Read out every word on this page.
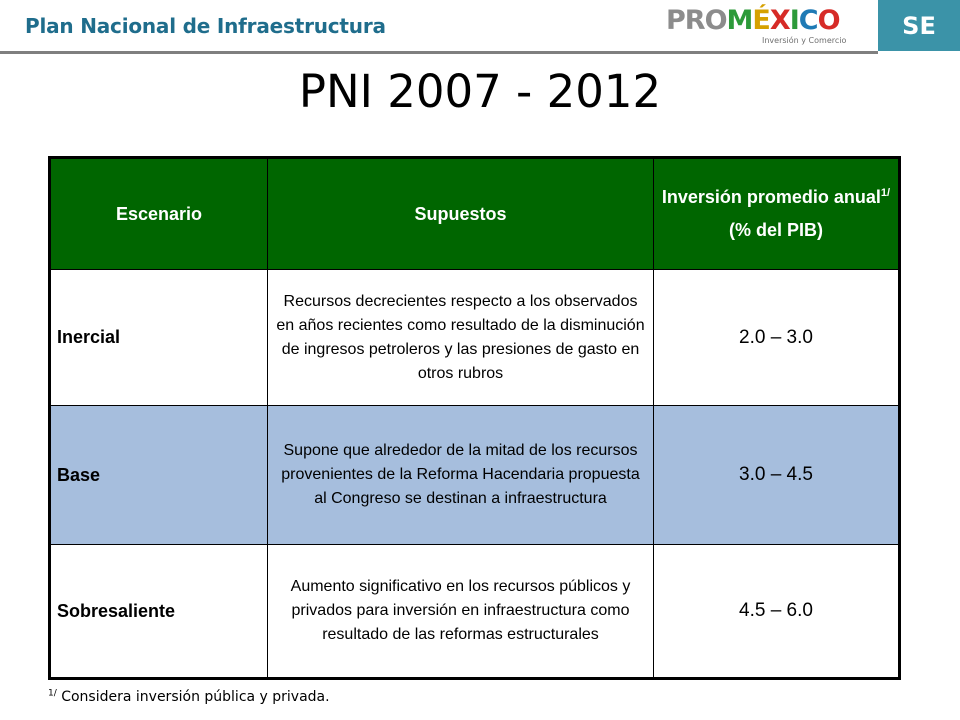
Plan Nacional de Infraestructura	PROMÉXICO
Inversión y Comercio
SE
PNI 2007 - 2012
Escenario	Supuestos	Inversión promedio anual$^{1/}$
(% del PIB)

Inercial	Recursos decrecientes respecto a los observados en años recientes como resultado de la disminución de ingresos petroleros y las presiones de gasto en otros rubros	2.0 – 3.0
Base	Supone que alrededor de la mitad de los recursos provenientes de la Reforma Hacendaria propuesta al Congreso se destinan a infraestructura	3.0 – 4.5
Sobresaliente	Aumento significativo en los recursos públicos y privados para inversión en infraestructura como resultado de las reformas estructurales	4.5 – 6.0
$^{1/}$ Considera inversión pública y privada.
